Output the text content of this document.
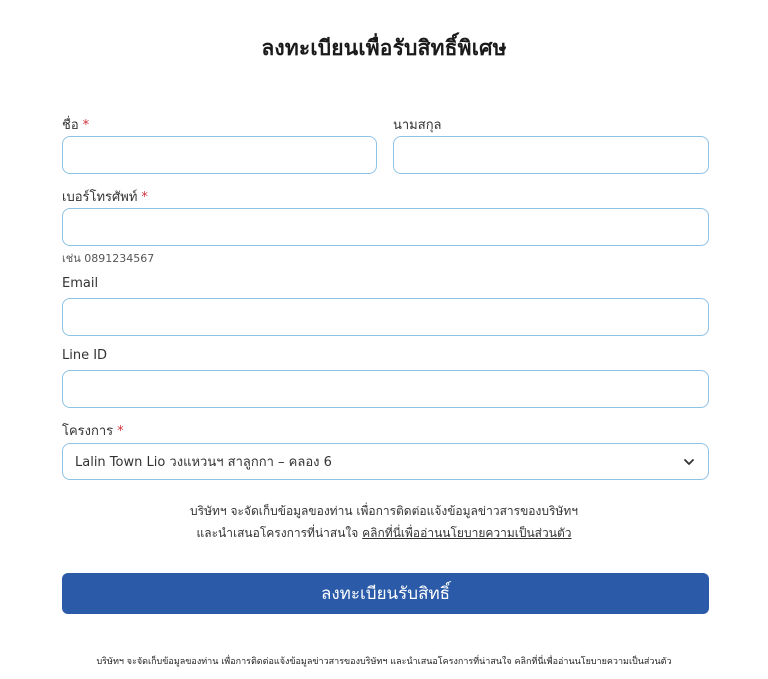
ลงทะเบียนเพื่อรับสิทธิ์พิเศษ
ชื่อ *	นามสกุล
เบอร์โทรศัพท์ *
เช่น 0891234567
Email
Line ID
โครงการ *
Lalin Town Lio วงแหวนฯ สาลูกกา – คลอง 6
บริษัทฯ จะจัดเก็บข้อมูลของท่าน เพื่อการติดต่อแจ้งข้อมูลข่าวสารของบริษัทฯ
และนำเสนอโครงการที่น่าสนใจ คลิกที่นี่เพื่ออ่านนโยบายความเป็นส่วนตัว
ลงทะเบียนรับสิทธิ์
บริษัทฯ จะจัดเก็บข้อมูลของท่าน เพื่อการติดต่อแจ้งข้อมูลข่าวสารของบริษัทฯ และนำเสนอโครงการที่น่าสนใจ คลิกที่นี่เพื่ออ่านนโยบายความเป็นส่วนตัว
